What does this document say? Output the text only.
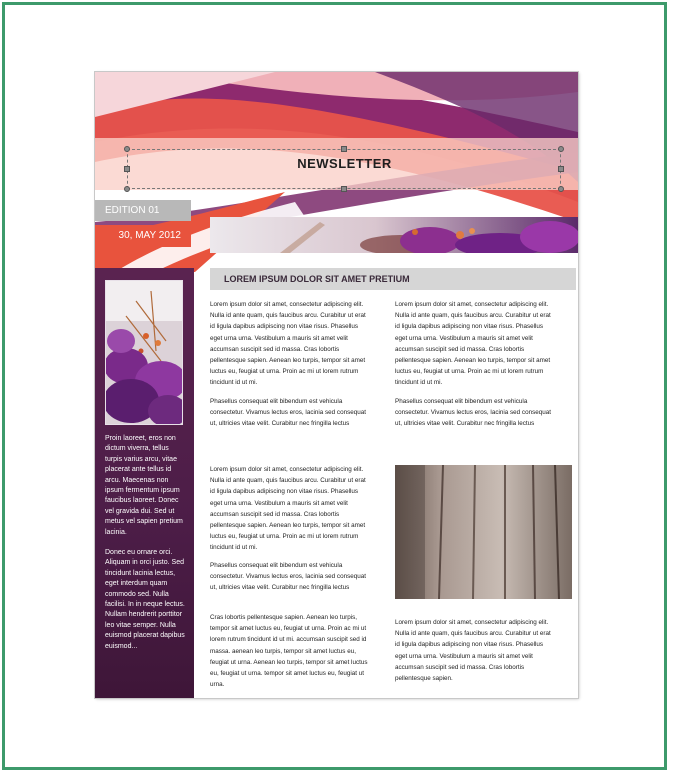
NEWSLETTER
EDITION 01
30, MAY 2012
LOREM IPSUM DOLOR SIT AMET PRETIUM

Proin laoreet, eros non dictum viverra, tellus turpis varius arcu, vitae placerat ante tellus id arcu. Maecenas non ipsum fermentum ipsum faucibus laoreet. Donec vel gravida dui. Sed ut metus vel sapien pretium lacinia.

Donec eu ornare orci. Aliquam in orci justo. Sed tincidunt lacinia lectus, eget interdum quam commodo sed. Nulla facilisi. In in neque lectus. Nullam hendrerit porttitor leo vitae semper. Nulla euismod placerat dapibus euismod...

Lorem ipsum dolor sit amet, consectetur adipiscing elit. Nulla id ante quam, quis faucibus arcu. Curabitur ut erat id ligula dapibus adipiscing non vitae risus. Phasellus eget urna urna. Vestibulum a mauris sit amet velit accumsan suscipit sed id massa. Cras lobortis pellentesque sapien. Aenean leo turpis, tempor sit amet luctus eu, feugiat ut urna. Proin ac mi ut lorem rutrum tincidunt id ut mi.

Phasellus consequat elit bibendum est vehicula consectetur. Vivamus lectus eros, lacinia sed consequat ut, ultricies vitae velit. Curabitur nec fringilla lectus

Lorem ipsum dolor sit amet, consectetur adipiscing elit. Nulla id ante quam, quis faucibus arcu. Curabitur ut erat id ligula dapibus adipiscing non vitae risus. Phasellus eget urna urna. Vestibulum a mauris sit amet velit accumsan suscipit sed id massa. Cras lobortis pellentesque sapien. Aenean leo turpis, tempor sit amet luctus eu, feugiat ut urna. Proin ac mi ut lorem rutrum tincidunt id ut mi.

Phasellus consequat elit bibendum est vehicula consectetur. Vivamus lectus eros, lacinia sed consequat ut, ultricies vitae velit. Curabitur nec fringilla lectus

Lorem ipsum dolor sit amet, consectetur adipiscing elit. Nulla id ante quam, quis faucibus arcu. Curabitur ut erat id ligula dapibus adipiscing non vitae risus. Phasellus eget urna urna. Vestibulum a mauris sit amet velit accumsan suscipit sed id massa. Cras lobortis pellentesque sapien. Aenean leo turpis, tempor sit amet luctus eu, feugiat ut urna. Proin ac mi ut lorem rutrum tincidunt id ut mi.

Phasellus consequat elit bibendum est vehicula consectetur. Vivamus lectus eros, lacinia sed consequat ut, ultricies vitae velit. Curabitur nec fringilla lectus

Cras lobortis pellentesque sapien. Aenean leo turpis, tempor sit amet luctus eu, feugiat ut urna. Proin ac mi ut lorem rutrum tincidunt id ut mi. accumsan suscipit sed id massa. aenean leo turpis, tempor sit amet luctus eu, feugiat ut urna. Aenean leo turpis, tempor sit amet luctus eu, feugiat ut urna. tempor sit amet luctus eu, feugiat ut urna.

Lorem ipsum dolor sit amet, consectetur adipiscing elit. Nulla id ante quam, quis faucibus arcu. Curabitur ut erat id ligula dapibus adipiscing non vitae risus. Phasellus eget urna urna. Vestibulum a mauris sit amet velit accumsan suscipit sed id massa. Cras lobortis pellentesque sapien.
